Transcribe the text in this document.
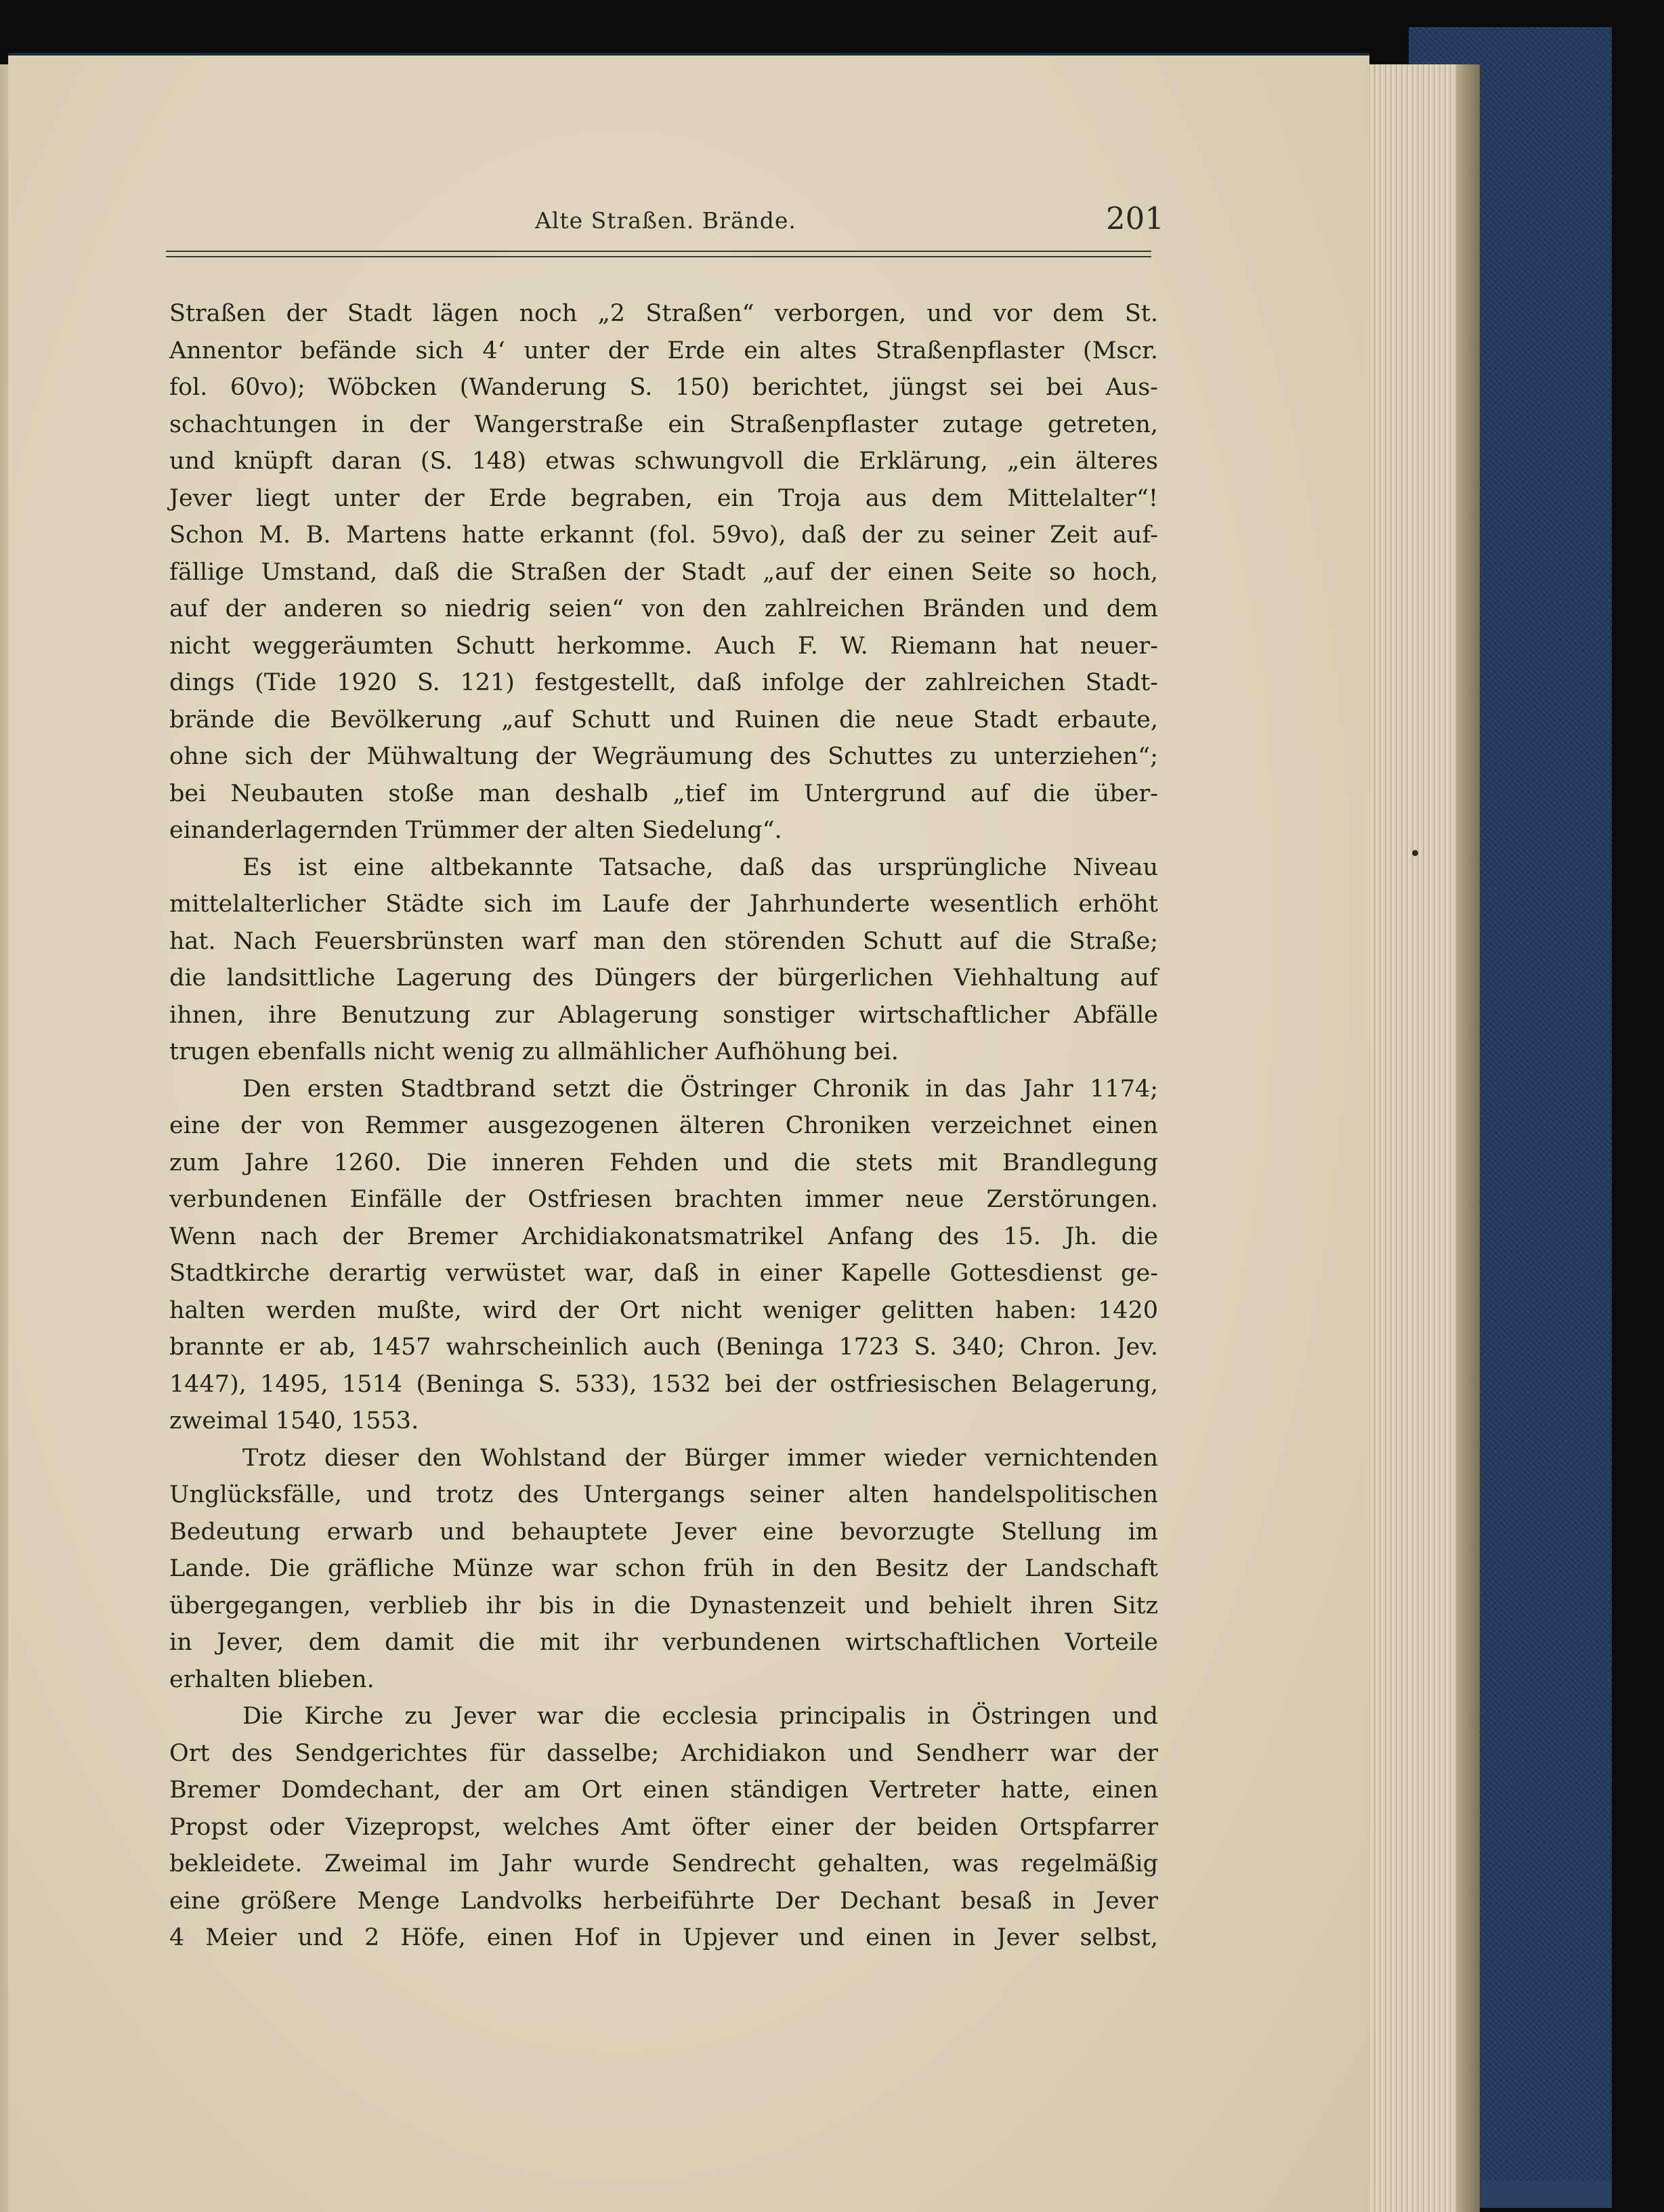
Alte Straßen. Brände.	201
Straßen der Stadt lägen noch „2 Straßen“ verborgen, und vor dem St.
Annentor befände sich 4‘ unter der Erde ein altes Straßenpflaster (Mscr.
fol. 60vo); Wöbcken (Wanderung S. 150) berichtet, jüngst sei bei Aus-
schachtungen in der Wangerstraße ein Straßenpflaster zutage getreten,
und knüpft daran (S. 148) etwas schwungvoll die Erklärung, „ein älteres
Jever liegt unter der Erde begraben, ein Troja aus dem Mittelalter“!
Schon M. B. Martens hatte erkannt (fol. 59vo), daß der zu seiner Zeit auf-
fällige Umstand, daß die Straßen der Stadt „auf der einen Seite so hoch,
auf der anderen so niedrig seien“ von den zahlreichen Bränden und dem
nicht weggeräumten Schutt herkomme. Auch F. W. Riemann hat neuer-
dings (Tide 1920 S. 121) festgestellt, daß infolge der zahlreichen Stadt-
brände die Bevölkerung „auf Schutt und Ruinen die neue Stadt erbaute,
ohne sich der Mühwaltung der Wegräumung des Schuttes zu unterziehen“;
bei Neubauten stoße man deshalb „tief im Untergrund auf die über-
einanderlagernden Trümmer der alten Siedelung“.
Es ist eine altbekannte Tatsache, daß das ursprüngliche Niveau
mittelalterlicher Städte sich im Laufe der Jahrhunderte wesentlich erhöht
hat. Nach Feuersbrünsten warf man den störenden Schutt auf die Straße;
die landsittliche Lagerung des Düngers der bürgerlichen Viehhaltung auf
ihnen, ihre Benutzung zur Ablagerung sonstiger wirtschaftlicher Abfälle
trugen ebenfalls nicht wenig zu allmählicher Aufhöhung bei.
Den ersten Stadtbrand setzt die Östringer Chronik in das Jahr 1174;
eine der von Remmer ausgezogenen älteren Chroniken verzeichnet einen
zum Jahre 1260. Die inneren Fehden und die stets mit Brandlegung
verbundenen Einfälle der Ostfriesen brachten immer neue Zerstörungen.
Wenn nach der Bremer Archidiakonatsmatrikel Anfang des 15. Jh. die
Stadtkirche derartig verwüstet war, daß in einer Kapelle Gottesdienst ge-
halten werden mußte, wird der Ort nicht weniger gelitten haben: 1420
brannte er ab, 1457 wahrscheinlich auch (Beninga 1723 S. 340; Chron. Jev.
1447), 1495, 1514 (Beninga S. 533), 1532 bei der ostfriesischen Belagerung,
zweimal 1540, 1553.
Trotz dieser den Wohlstand der Bürger immer wieder vernichtenden
Unglücksfälle, und trotz des Untergangs seiner alten handelspolitischen
Bedeutung erwarb und behauptete Jever eine bevorzugte Stellung im
Lande. Die gräfliche Münze war schon früh in den Besitz der Landschaft
übergegangen, verblieb ihr bis in die Dynastenzeit und behielt ihren Sitz
in Jever, dem damit die mit ihr verbundenen wirtschaftlichen Vorteile
erhalten blieben.
Die Kirche zu Jever war die ecclesia principalis in Östringen und
Ort des Sendgerichtes für dasselbe; Archidiakon und Sendherr war der
Bremer Domdechant, der am Ort einen ständigen Vertreter hatte, einen
Propst oder Vizepropst, welches Amt öfter einer der beiden Ortspfarrer
bekleidete. Zweimal im Jahr wurde Sendrecht gehalten, was regelmäßig
eine größere Menge Landvolks herbeiführte Der Dechant besaß in Jever
4 Meier und 2 Höfe, einen Hof in Upjever und einen in Jever selbst,
